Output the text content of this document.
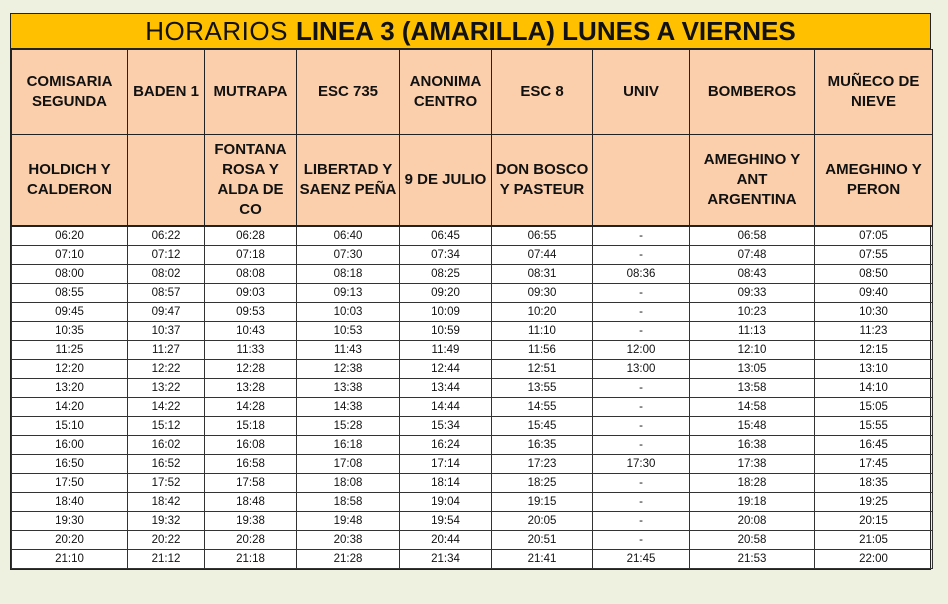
HORARIOS LINEA 3 (AMARILLA) LUNES A VIERNES
COMISARIA SEGUNDA	BADEN 1	MUTRAPA	ESC 735	ANONIMA CENTRO	ESC 8	UNIV	BOMBEROS	MUÑECO DE NIEVE
HOLDICH Y CALDERON		FONTANA ROSA Y ALDA DE CO	LIBERTAD Y SAENZ PEÑA	9 DE JULIO	DON BOSCO Y PASTEUR		AMEGHINO Y ANT ARGENTINA	AMEGHINO Y PERON
06:20	06:22	06:28	06:40	06:45	06:55	-	06:58	07:05
07:10	07:12	07:18	07:30	07:34	07:44	-	07:48	07:55
08:00	08:02	08:08	08:18	08:25	08:31	08:36	08:43	08:50
08:55	08:57	09:03	09:13	09:20	09:30	-	09:33	09:40
09:45	09:47	09:53	10:03	10:09	10:20	-	10:23	10:30
10:35	10:37	10:43	10:53	10:59	11:10	-	11:13	11:23
11:25	11:27	11:33	11:43	11:49	11:56	12:00	12:10	12:15
12:20	12:22	12:28	12:38	12:44	12:51	13:00	13:05	13:10
13:20	13:22	13:28	13:38	13:44	13:55	-	13:58	14:10
14:20	14:22	14:28	14:38	14:44	14:55	-	14:58	15:05
15:10	15:12	15:18	15:28	15:34	15:45	-	15:48	15:55
16:00	16:02	16:08	16:18	16:24	16:35	-	16:38	16:45
16:50	16:52	16:58	17:08	17:14	17:23	17:30	17:38	17:45
17:50	17:52	17:58	18:08	18:14	18:25	-	18:28	18:35
18:40	18:42	18:48	18:58	19:04	19:15	-	19:18	19:25
19:30	19:32	19:38	19:48	19:54	20:05	-	20:08	20:15
20:20	20:22	20:28	20:38	20:44	20:51	-	20:58	21:05
21:10	21:12	21:18	21:28	21:34	21:41	21:45	21:53	22:00
